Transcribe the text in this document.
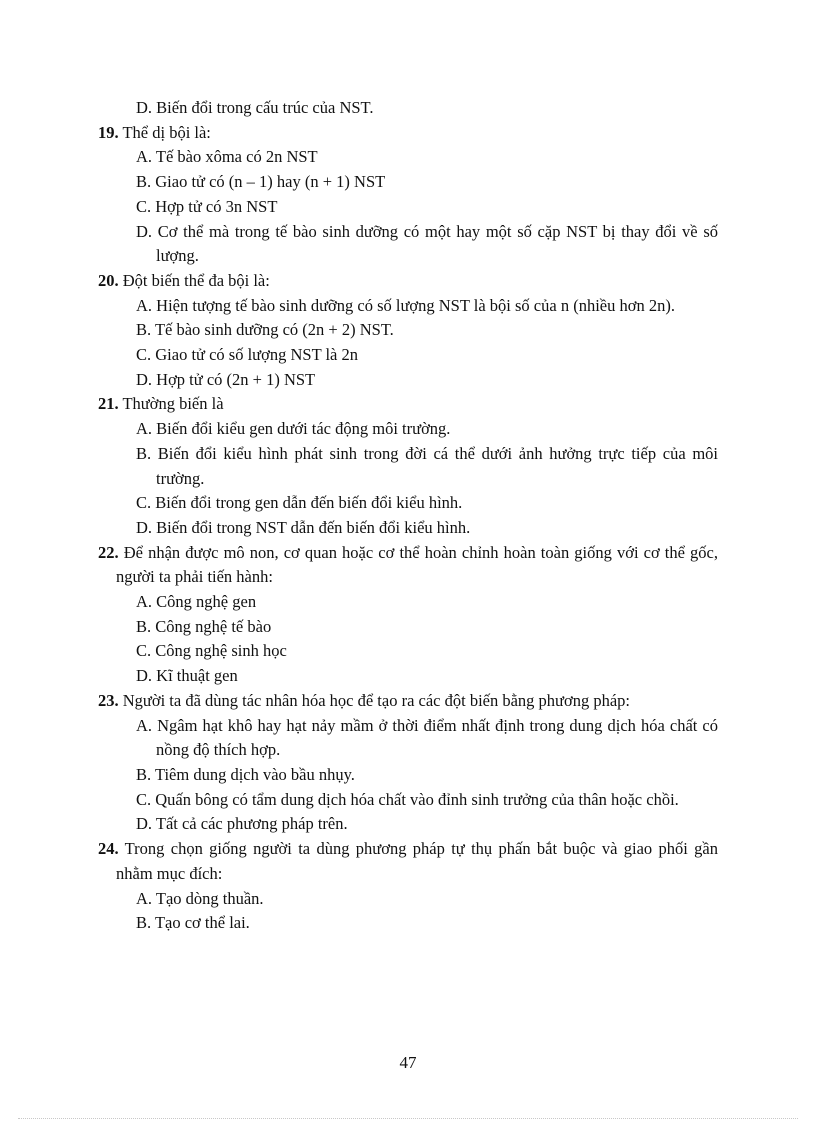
D. Biến đổi trong cấu trúc của NST.

19. Thể dị bội là:

A. Tế bào xôma có 2n NST

B. Giao tử có (n – 1) hay (n + 1) NST

C. Hợp tử có 3n NST

D. Cơ thể mà trong tế bào sinh dưỡng có một hay một số cặp NST bị thay đổi về số lượng.

20. Đột biến thể đa bội là:

A. Hiện tượng tế bào sinh dưỡng có số lượng NST là bội số của n (nhiều hơn 2n).

B. Tế bào sinh dưỡng có (2n + 2) NST.

C. Giao tử có số lượng NST là 2n

D. Hợp tử có (2n + 1) NST

21. Thường biến là

A. Biến đổi kiểu gen dưới tác động môi trường.

B. Biến đổi kiểu hình phát sinh trong đời cá thể dưới ảnh hưởng trực tiếp của môi trường.

C. Biến đổi trong gen dẫn đến biến đổi kiểu hình.

D. Biến đổi trong NST dẫn đến biến đổi kiểu hình.

22. Để nhận được mô non, cơ quan hoặc cơ thể hoàn chỉnh hoàn toàn giống với cơ thể gốc, người ta phải tiến hành:

A. Công nghệ gen

B. Công nghệ tế bào

C. Công nghệ sinh học

D. Kĩ thuật gen

23. Người ta đã dùng tác nhân hóa học để tạo ra các đột biến bằng phương pháp:

A. Ngâm hạt khô hay hạt nảy mầm ở thời điểm nhất định trong dung dịch hóa chất có nồng độ thích hợp.

B. Tiêm dung dịch vào bầu nhụy.

C. Quấn bông có tẩm dung dịch hóa chất vào đỉnh sinh trưởng của thân hoặc chồi.

D. Tất cả các phương pháp trên.

24. Trong chọn giống người ta dùng phương pháp tự thụ phấn bắt buộc và giao phối gần nhằm mục đích:

A. Tạo dòng thuần.

B. Tạo cơ thể lai.

47
